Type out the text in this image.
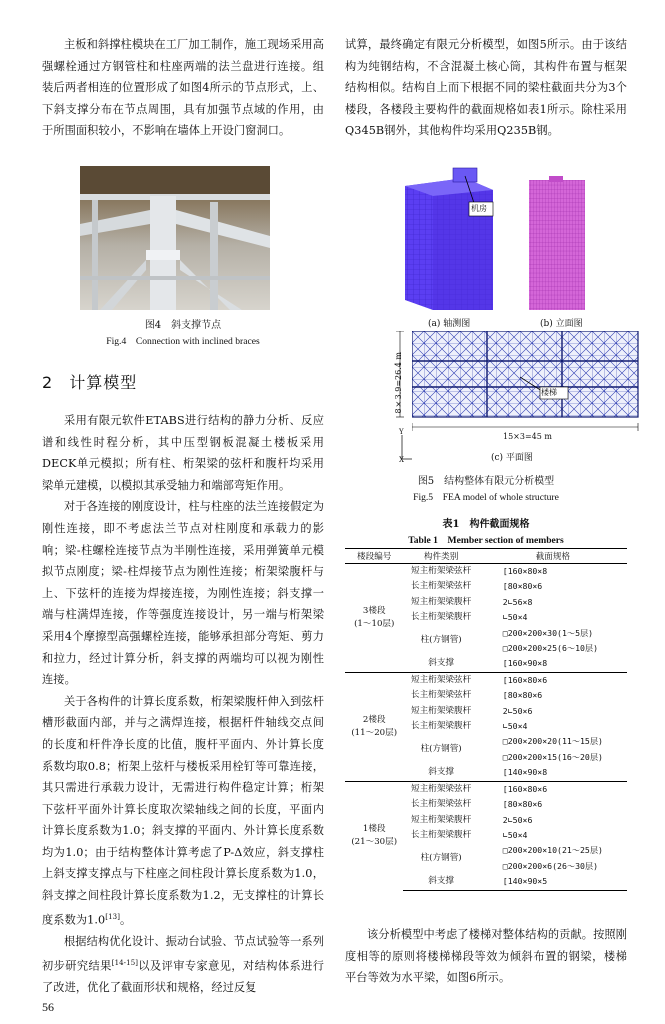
主板和斜撑柱模块在工厂加工制作，施工现场采用高强螺栓通过方钢管柱和柱座两端的法兰盘进行连接。组装后两者相连的位置形成了如图4所示的节点形式，上、下斜支撑分布在节点周围，具有加强节点域的作用，由于所围面积较小，不影响在墙体上开设门窗洞口。

图4　斜支撑节点
Fig.4　Connection with inclined braces
2 计算模型

采用有限元软件ETABS进行结构的静力分析、反应谱和线性时程分析，其中压型钢板混凝土楼板采用DECK单元模拟；所有柱、桁架梁的弦杆和腹杆均采用梁单元建模，以模拟其承受轴力和端部弯矩作用。

对于各连接的刚度设计，柱与柱座的法兰连接假定为刚性连接，即不考虑法兰节点对柱刚度和承载力的影响；梁-柱螺栓连接节点为半刚性连接，采用弹簧单元模拟节点刚度；梁-柱焊接节点为刚性连接；桁架梁腹杆与上、下弦杆的连接为焊接连接，为刚性连接；斜支撑一端与柱满焊连接，作等强度连接设计，另一端与桁架梁采用4个摩擦型高强螺栓连接，能够承担部分弯矩、剪力和拉力，经过计算分析，斜支撑的两端均可以视为刚性连接。

关于各构件的计算长度系数，桁架梁腹杆伸入到弦杆槽形截面内部，并与之满焊连接，根据杆件轴线交点间的长度和杆件净长度的比值，腹杆平面内、外计算长度系数均取0.8；桁架上弦杆与楼板采用栓钉等可靠连接，其只需进行承载力设计，无需进行构件稳定计算；桁架下弦杆平面外计算长度取次梁轴线之间的长度，平面内计算长度系数为1.0；斜支撑的平面内、外计算长度系数均为1.0；由于结构整体计算考虑了P-Δ效应，斜支撑柱上斜支撑支撑点与下柱座之间柱段计算长度系数为1.0，斜支撑之间柱段计算长度系数为1.2，无支撑柱的计算长度系数为1.0[13]。

根据结构优化设计、振动台试验、节点试验等一系列初步研究结果[14-15]以及评审专家意见，对结构体系进行了改进，优化了截面形状和规格，经过反复

56

试算，最终确定有限元分析模型，如图5所示。由于该结构为纯钢结构，不含混凝土核心筒，其构件布置与框架结构相似。结构自上而下根据不同的梁柱截面共分为3个楼段，各楼段主要构件的截面规格如表1所示。除柱采用Q345B钢外，其他构件均采用Q235B钢。

机房
(a) 轴测图	(b) 立面图
8×3.9=26.4 m
15×3=45 m
楼梯
Y
X	(c) 平面图
图5　结构整体有限元分析模型
Fig.5　FEA model of whole structure
表1　构件截面规格
Table 1　Member section of members
楼段编号	构件类别	截面规格

3楼段
(1～10层)	短主桁架梁弦杆	[160×80×8
	长主桁架梁弦杆	[80×80×6
	短主桁架梁腹杆	2∟56×8
	长主桁架梁腹杆	∟50×4
	柱(方钢管)	□200×200×30(1～5层)
		□200×200×25(6～10层)
	斜支撑	[160×90×8

2楼段
(11～20层)	短主桁架梁弦杆	[160×80×6
	长主桁架梁弦杆	[80×80×6
	短主桁架梁腹杆	2∟50×6
	长主桁架梁腹杆	∟50×4
	柱(方钢管)	□200×200×20(11～15层)
		□200×200×15(16～20层)
	斜支撑	[140×90×8

1楼段
(21～30层)	短主桁架梁弦杆	[160×80×6
	长主桁架梁弦杆	[80×80×6
	短主桁架梁腹杆	2∟50×6
	长主桁架梁腹杆	∟50×4
	柱(方钢管)	□200×200×10(21～25层)
		□200×200×6(26～30层)
	斜支撑	[140×90×5

该分析模型中考虑了楼梯对整体结构的贡献。按照刚度相等的原则将楼梯梯段等效为倾斜布置的钢梁，楼梯平台等效为水平梁，如图6所示。
